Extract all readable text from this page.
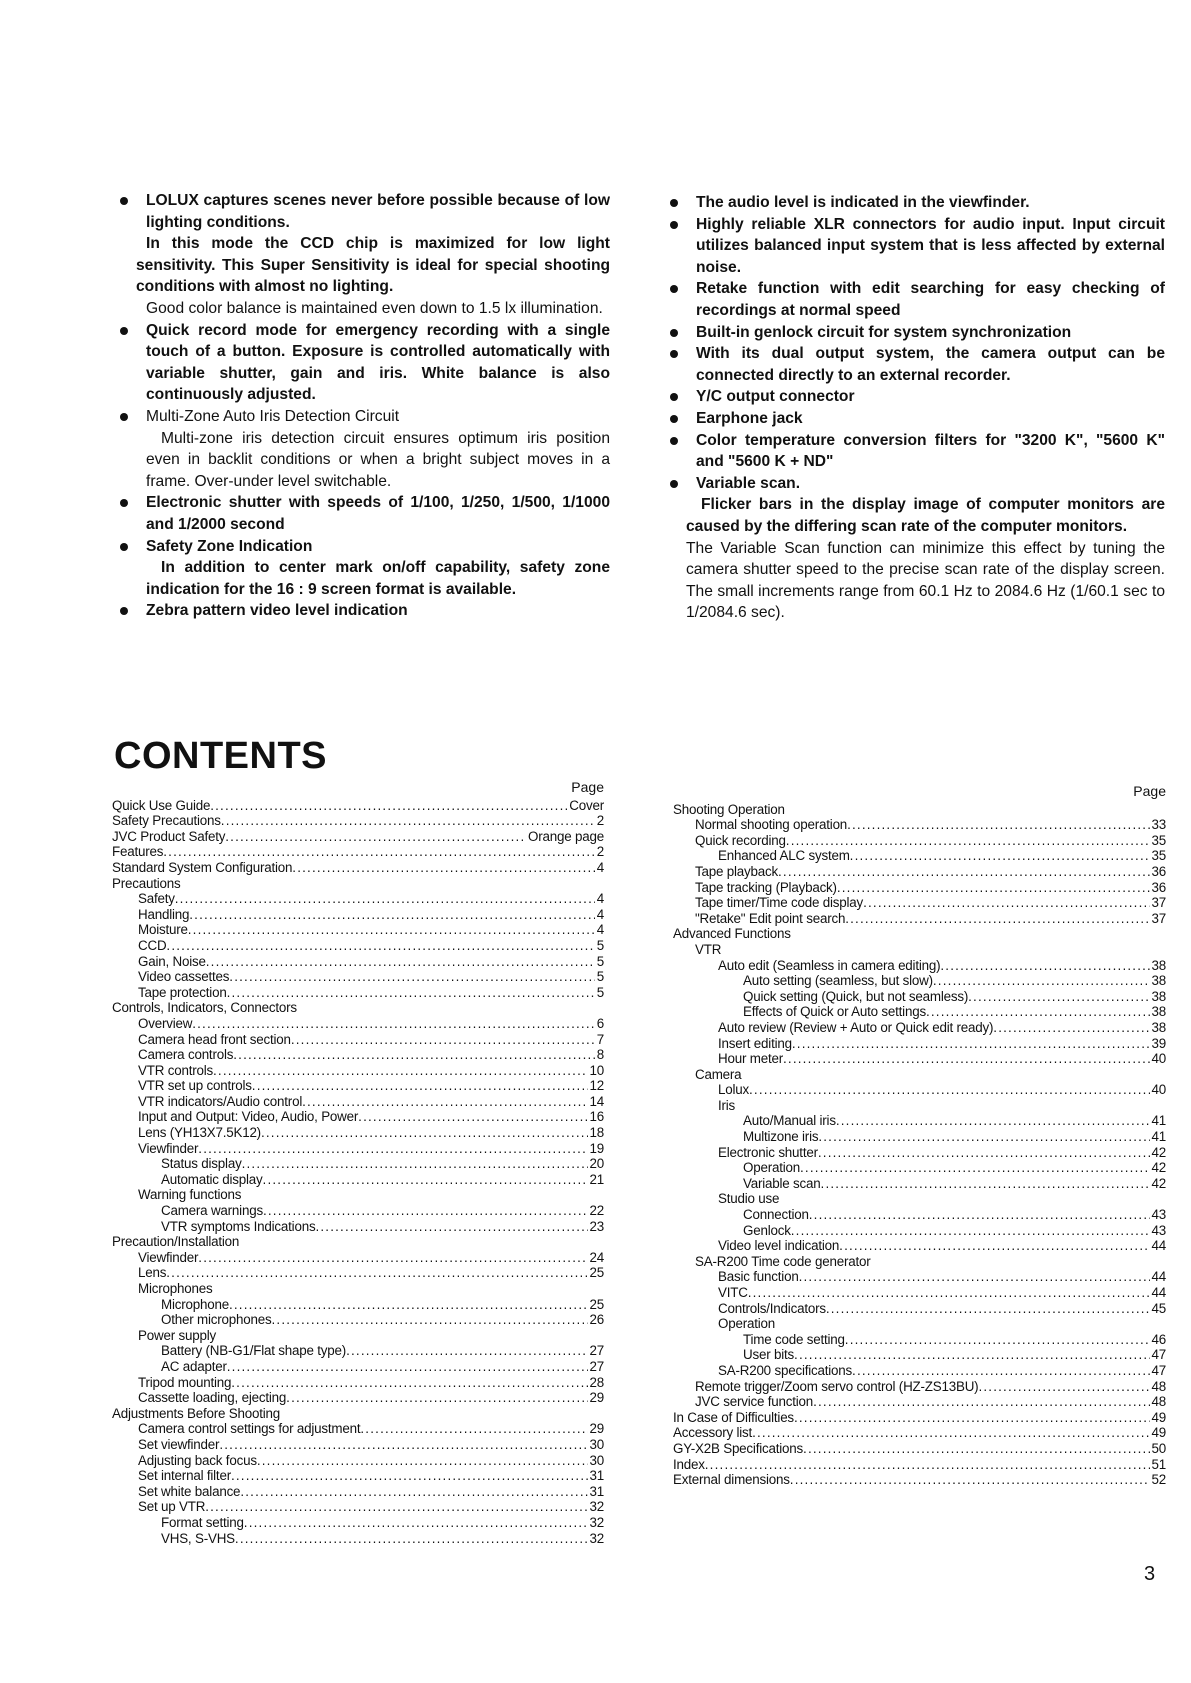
LOLUX captures scenes never before possible because of low lighting conditions.

In this mode the CCD chip is maximized for low light sensitivity. This Super Sensitivity is ideal for special shooting conditions with almost no lighting.

Good color balance is maintained even down to 1.5 lx illumination.

Quick record mode for emergency recording with a single touch of a button. Exposure is controlled automatically with variable shutter, gain and iris. White balance is also continuously adjusted.

Multi-Zone Auto Iris Detection Circuit

Multi-zone iris detection circuit ensures optimum iris position even in backlit conditions or when a bright subject moves in a frame. Over-under level switchable.

Electronic shutter with speeds of 1/100, 1/250, 1/500, 1/1000 and 1/2000 second

Safety Zone Indication

In addition to center mark on/off capability, safety zone indication for the 16 : 9 screen format is available.

Zebra pattern video level indication

The audio level is indicated in the viewfinder.

Highly reliable XLR connectors for audio input. Input circuit utilizes balanced input system that is less affected by external noise.

Retake function with edit searching for easy checking of recordings at normal speed

Built-in genlock circuit for system synchronization

With its dual output system, the camera output can be connected directly to an external recorder.

Y/C output connector

Earphone jack

Color temperature conversion filters for "3200 K", "5600 K" and "5600 K + ND"

Variable scan.

Flicker bars in the display image of computer monitors are caused by the differing scan rate of the computer monitors.

The Variable Scan function can minimize this effect by tuning the camera shutter speed to the precise scan rate of the display screen. The small increments range from 60.1 Hz to 2084.6 Hz (1/60.1 sec to 1/2084.6 sec).

CONTENTS
Page
Quick Use Guide .....	Cover
Safety Precautions .....	2
JVC Product Safety .....	Orange page
Features .....	2
Standard System Configuration .....	4
Precautions
Safety .....	4
Handling .....	4
Moisture .....	4
CCD .....	5
Gain, Noise .....	5
Video cassettes .....	5
Tape protection .....	5
Controls, Indicators, Connectors
Overview .....	6
Camera head front section .....	7
Camera controls .....	8
VTR controls .....	10
VTR set up controls .....	12
VTR indicators/Audio control .....	14
Input and Output: Video, Audio, Power .....	16
Lens (YH13X7.5K12) .....	18
Viewfinder .....	19
Status display .....	20
Automatic display .....	21
Warning functions
Camera warnings .....	22
VTR symptoms Indications .....	23
Precaution/Installation
Viewfinder .....	24
Lens .....	25
Microphones
Microphone .....	25
Other microphones .....	26
Power supply
Battery (NB-G1/Flat shape type) .....	27
AC adapter .....	27
Tripod mounting .....	28
Cassette loading, ejecting .....	29
Adjustments Before Shooting
Camera control settings for adjustment .....	29
Set viewfinder .....	30
Adjusting back focus .....	30
Set internal filter .....	31
Set white balance .....	31
Set up VTR .....	32
Format setting .....	32
VHS, S-VHS .....	32
Page
Shooting Operation
Normal shooting operation .....	33
Quick recording .....	35
Enhanced ALC system .....	35
Tape playback .....	36
Tape tracking (Playback) .....	36
Tape timer/Time code display .....	37
"Retake" Edit point search .....	37
Advanced Functions
VTR
Auto edit (Seamless in camera editing) .....	38
Auto setting (seamless, but slow) .....	38
Quick setting (Quick, but not seamless) .....	38
Effects of Quick or Auto settings .....	38
Auto review (Review + Auto or Quick edit ready) .....	38
Insert editing .....	39
Hour meter .....	40
Camera
Lolux .....	40
Iris
Auto/Manual iris .....	41
Multizone iris .....	41
Electronic shutter .....	42
Operation .....	42
Variable scan .....	42
Studio use
Connection .....	43
Genlock .....	43
Video level indication .....	44
SA-R200 Time code generator
Basic function .....	44
VITC .....	44
Controls/Indicators .....	45
Operation
Time code setting .....	46
User bits .....	47
SA-R200 specifications .....	47
Remote trigger/Zoom servo control (HZ-ZS13BU) .....	48
JVC service function .....	48
In Case of Difficulties .....	49
Accessory list .....	49
GY-X2B Specifications .....	50
Index .....	51
External dimensions .....	52
3
